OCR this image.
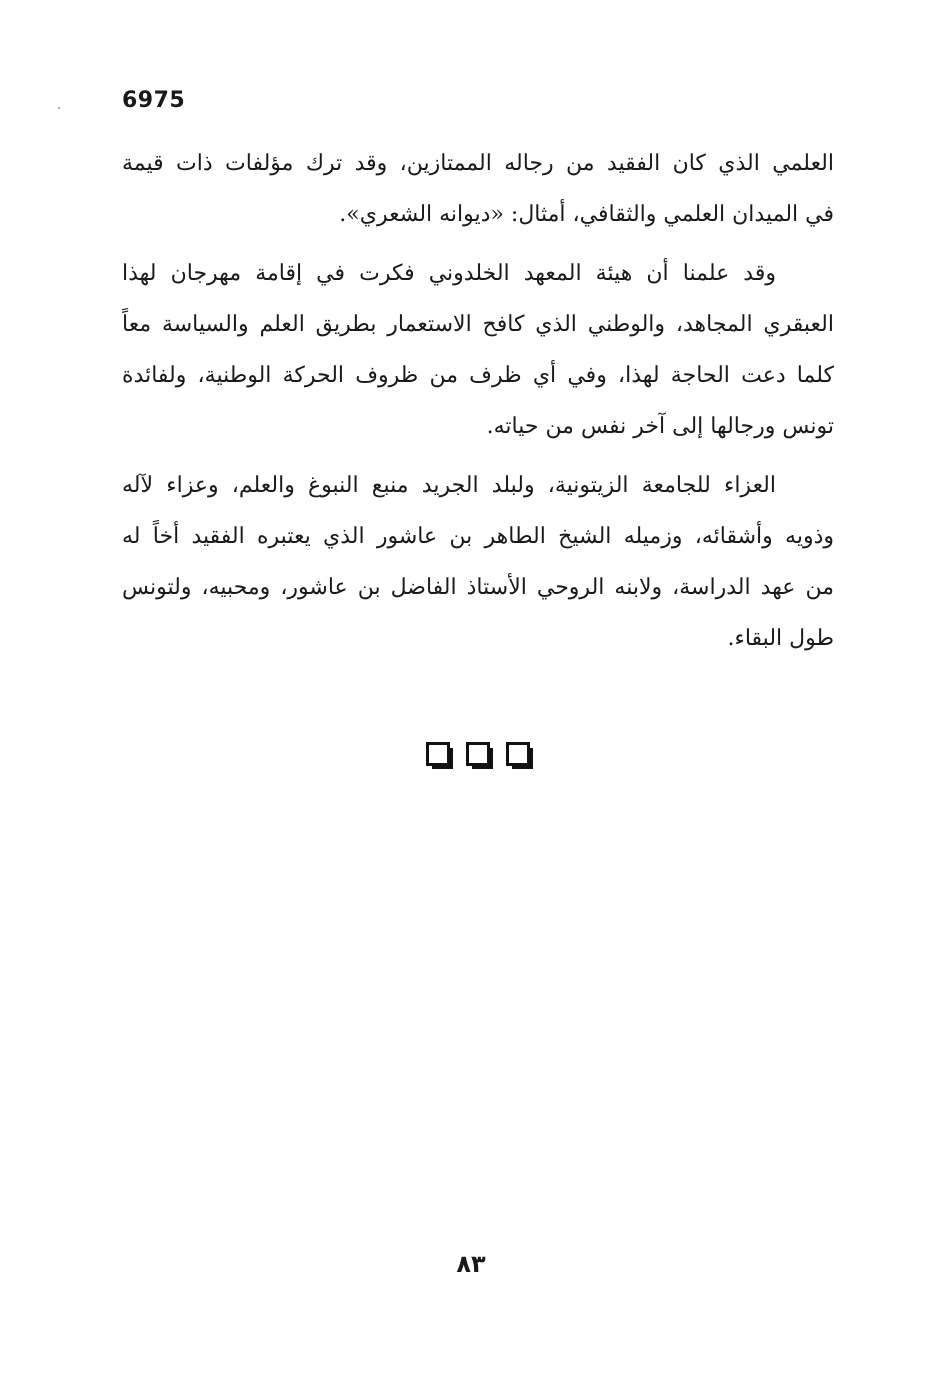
6975
العلمي الذي كان الفقيد من رجاله الممتازين، وقد ترك مؤلفات ذات قيمة
في الميدان العلمي والثقافي، أمثال: «ديوانه الشعري».
وقد علمنا أن هيئة المعهد الخلدوني فكرت في إقامة مهرجان لهذا
العبقري المجاهد، والوطني الذي كافح الاستعمار بطريق العلم والسياسة معاً
كلما دعت الحاجة لهذا، وفي أي ظرف من ظروف الحركة الوطنية، ولفائدة
تونس ورجالها إلى آخر نفس من حياته.
العزاء للجامعة الزيتونية، ولبلد الجريد منبع النبوغ والعلم، وعزاء لآله
وذويه وأشقائه، وزميله الشيخ الطاهر بن عاشور الذي يعتبره الفقيد أخاً له
من عهد الدراسة، ولابنه الروحي الأستاذ الفاضل بن عاشور، ومحبيه، ولتونس
طول البقاء.
٨٣
